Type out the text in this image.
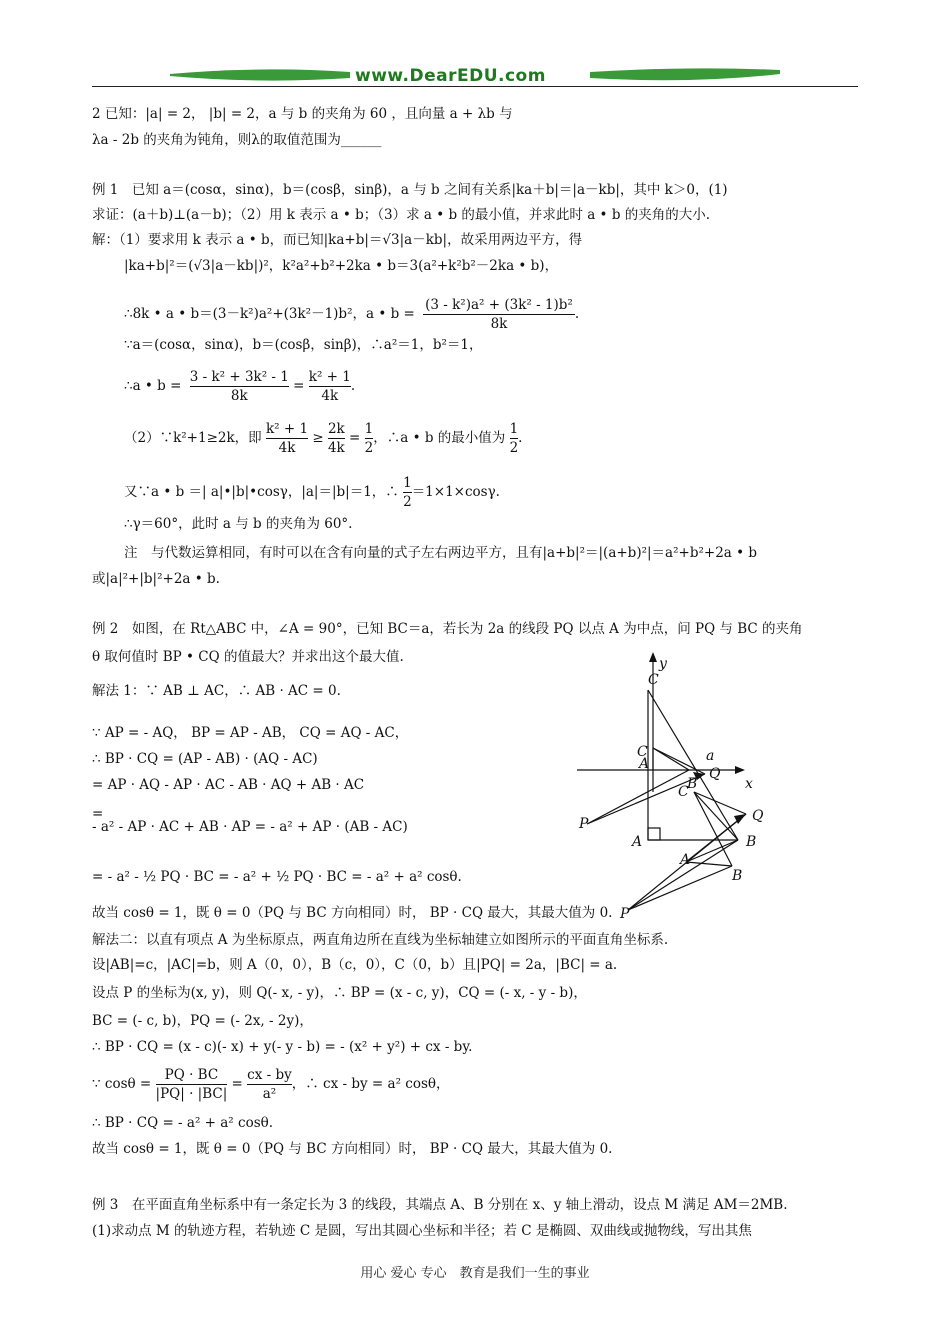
www.DearEDU.com
2 已知：|a| = 2， |b| = 2，a 与 b 的夹角为 60 ，且向量 a + λb 与
λa - 2b 的夹角为钝角，则λ的取值范围为______
例 1　已知 a＝(cosα，sinα)，b＝(cosβ，sinβ)，a 与 b 之间有关系|ka＋b|＝|a－kb|，其中 k＞0，(1)
求证：(a＋b)⊥(a－b)；（2）用 k 表示 a • b；（3）求 a • b 的最小值，并求此时 a • b 的夹角的大小.
解：（1）要求用 k 表示 a • b，而已知|ka+b|＝√3|a－kb|，故采用两边平方，得
|ka+b|²＝(√3|a－kb|)²，k²a²+b²+2ka • b＝3(a²+k²b²－2ka • b)，
∴8k • a • b＝(3－k²)a²+(3k²－1)b²，a • $b = \frac{\text{(3 - k²)a² + (3k² - 1)b²}}{8k}$ .
∵a＝(cosα，sinα)，b＝(cosβ，sinβ)，∴a²＝1，b²＝1，
∴a • $b = \frac{\text{3 - k² + 3k² - 1}}{8k} = \frac{\text{k² + 1}}{4k}$ .
（2）∵k²+1≥2k，即 $\frac{\text{k² + 1}}{4k} \ge \frac{2k}{4k} = \frac{1}{2}$ ，∴a • b 的最小值为 $\frac{1}{2}$ .
又∵a • b ＝| a|•|b|•cosγ，|a|＝|b|＝1，∴ $\frac{1}{2} =1\times 1\times\cos\gamma$.
∴γ＝60°，此时 a 与 b 的夹角为 60°.
注　与代数运算相同，有时可以在含有向量的式子左右两边平方，且有|a+b|²＝|(a+b)²|＝a²+b²+2a • b
或|a|²+|b|²+2a • b.
例 2　如图，在 Rt△ABC 中，∠A = 90°，已知 BC＝a，若长为 2a 的线段 PQ 以点 A 为中点，问 PQ 与 BC 的夹角
θ 取何值时 BP • CQ 的值最大？并求出这个最大值.
解法 1：∵ AB ⊥ AC，∴ AB · AC = 0.
∵ AP = - AQ， BP = AP - AB， CQ = AQ - AC，
∴ BP · CQ = (AP - AB) · (AQ - AC)
= AP · AQ - AP · AC - AB · AQ + AB · AC
=
- a² - AP · AC + AB · AP = - a² + AP · (AB - AC)
= - a² - ½ PQ · BC = - a² + ½ PQ · BC = - a² + a² cosθ.
故当 cosθ = 1，既 θ = 0（PQ 与 BC 方向相同）时， BP · CQ 最大，其最大值为 0.
解法二：以直有项点 A 为坐标原点，两直角边所在直线为坐标轴建立如图所示的平面直角坐标系.
设|AB|=c，|AC|=b，则 A（0，0），B（c，0），C（0，b）且|PQ| = 2a，|BC| = a.
设点 P 的坐标为(x, y)，则 Q(- x, - y)，∴ BP = (x - c, y)，CQ = (- x, - y - b)，
BC = (- c, b)，PQ = (- 2x, - 2y)，
∴ BP · CQ = (x - c)(- x) + y(- y - b) = - (x² + y²) + cx - by.
∵ $\cos\theta = \frac{PQ \cdot BC}{|PQ| \cdot |BC|} = \frac{cx - by}{\text{a²}}$ ，∴ cx - by = a² cosθ，
∴ BP · CQ = - a² + a² cosθ.
故当 cosθ = 1，既 θ = 0（PQ 与 BC 方向相同）时， BP · CQ 最大，其最大值为 0.
例 3　在平面直角坐标系中有一条定长为 3 的线段，其端点 A、B 分别在 x、y 轴上滑动，设点 M 满足 AM＝2MB.
(1)求动点 M 的轨迹方程，若轨迹 C 是圆，写出其圆心坐标和半径；若 C 是椭圆、双曲线或抛物线，写出其焦
C
a
C
Q
A	B
A
B
P
y
C
Q
A
B	x
P
用心 爱心 专心　教育是我们一生的事业
